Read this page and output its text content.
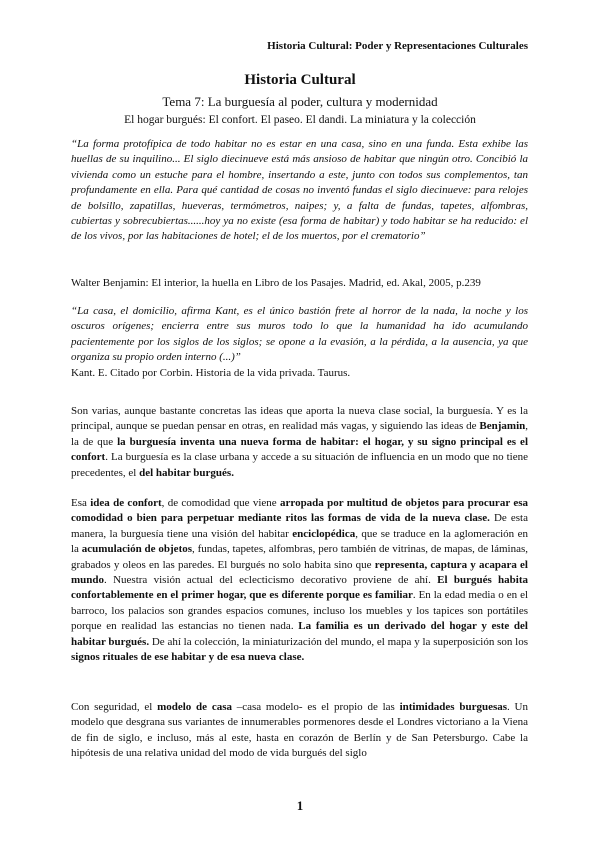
Historia Cultural: Poder y Representaciones Culturales
Historia Cultural
Tema 7: La burguesía al poder, cultura y modernidad
El hogar burgués: El confort. El paseo. El dandi. La miniatura y la colección

“La forma protofípica de todo habitar no es estar en una casa, sino en una funda. Esta exhibe las huellas de su inquilino... El siglo diecinueve está más ansioso de habitar que ningún otro. Concibió la vivienda como un estuche para el hombre, insertando a este, junto con todos sus complementos, tan profundamente en ella. Para qué cantidad de cosas no inventó fundas el siglo diecinueve: para relojes de bolsillo, zapatillas, hueveras, termómetros, naipes; y, a falta de fundas, tapetes, alfombras, cubiertas y sobrecubiertas......hoy ya no existe (esa forma de habitar) y todo habitar se ha reducido: el de los vivos, por las habitaciones de hotel; el de los muertos, por el crematorio”

Walter Benjamin: El interior, la huella en Libro de los Pasajes. Madrid, ed. Akal, 2005, p.239

“La casa, el domicilio, afirma Kant, es el único bastión frete al horror de la nada, la noche y los oscuros orígenes; encierra entre sus muros todo lo que la humanidad ha ido acumulando pacientemente por los siglos de los siglos; se opone a la evasión, a la pérdida, a la ausencia, ya que organiza su propio orden interno (...)”

Kant. E. Citado por Corbin. Historia de la vida privada. Taurus.

Son varias, aunque bastante concretas las ideas que aporta la nueva clase social, la burguesía. Y es la principal, aunque se puedan pensar en otras, en realidad más vagas, y siguiendo las ideas de Benjamin, la de que la burguesía inventa una nueva forma de habitar: el hogar, y su signo principal es el confort. La burguesía es la clase urbana y accede a su situación de influencia en un modo que no tiene precedentes, el del habitar burgués.

Esa idea de confort, de comodidad que viene arropada por multitud de objetos para procurar esa comodidad o bien para perpetuar mediante ritos las formas de vida de la nueva clase. De esta manera, la burguesía tiene una visión del habitar enciclopédica, que se traduce en la aglomeración en la acumulación de objetos, fundas, tapetes, alfombras, pero también de vitrinas, de mapas, de láminas, grabados y oleos en las paredes. El burgués no solo habita sino que representa, captura y acapara el mundo. Nuestra visión actual del eclecticismo decorativo proviene de ahí. El burgués habita confortablemente en el primer hogar, que es diferente porque es familiar. En la edad media o en el barroco, los palacios son grandes espacios comunes, incluso los muebles y los tapices son portátiles porque en realidad las estancias no tienen nada. La familia es un derivado del hogar y este del habitar burgués. De ahí la colección, la miniaturización del mundo, el mapa y la superposición son los signos rituales de ese habitar y de esa nueva clase.

Con seguridad, el modelo de casa –casa modelo- es el propio de las intimidades burguesas. Un modelo que desgrana sus variantes de innumerables pormenores desde el Londres victoriano a la Viena de fin de siglo, e incluso, más al este, hasta en corazón de Berlín y de San Petersburgo. Cabe la hipótesis de una relativa unidad del modo de vida burgués del siglo

1
